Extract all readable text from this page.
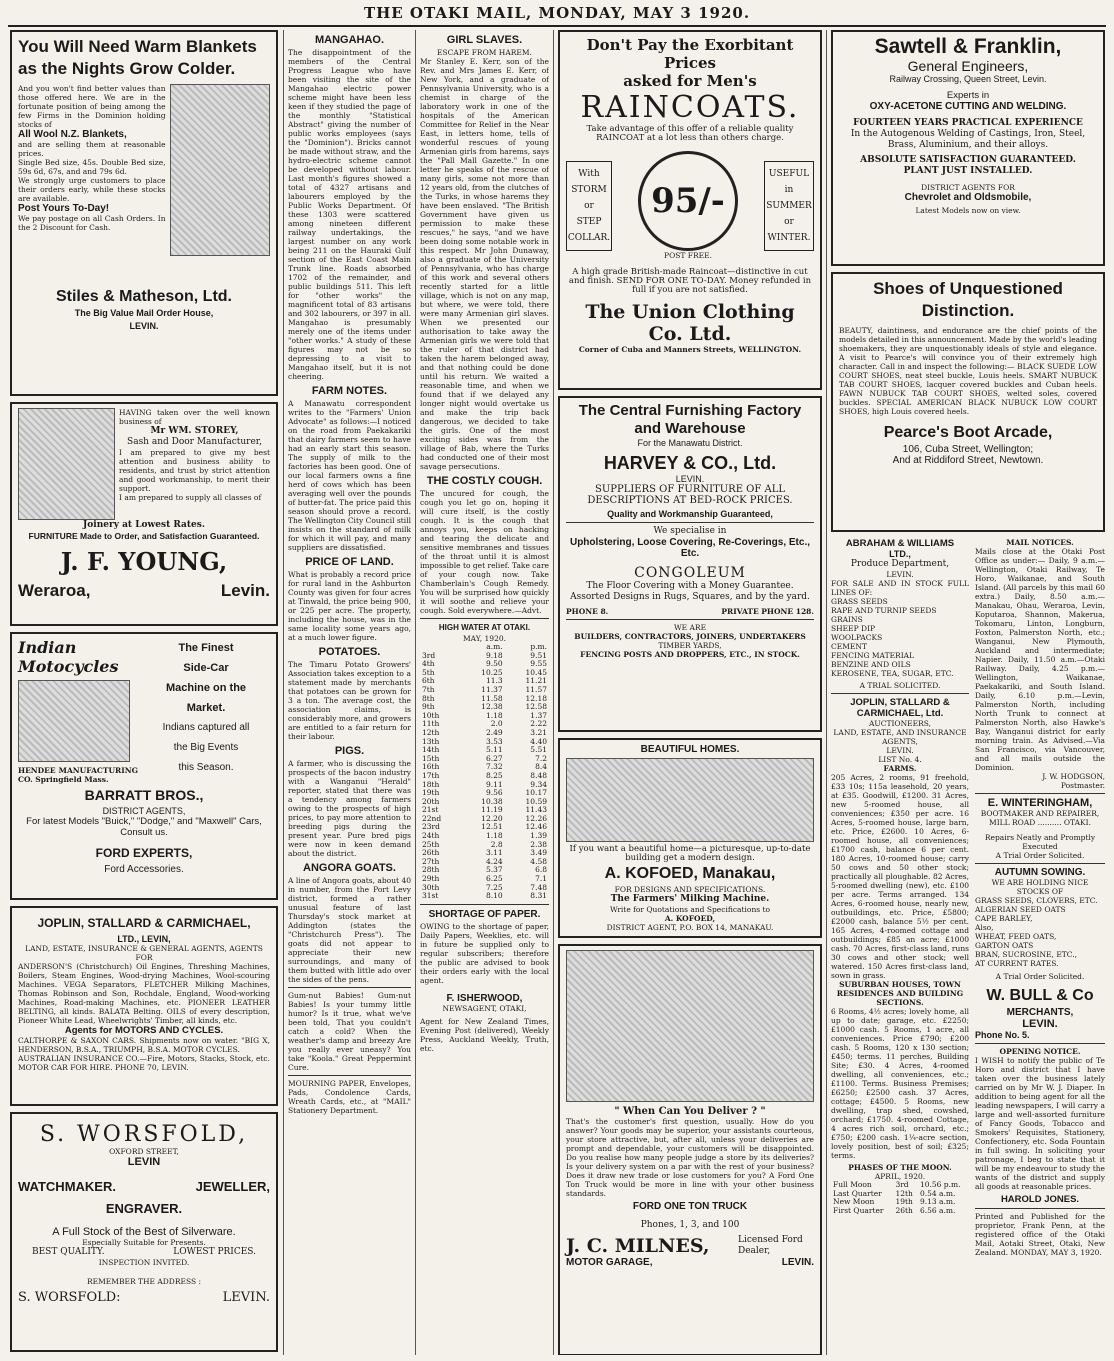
THE OTAKI MAIL, MONDAY, MAY 3 1920.
You Will Need Warm Blankets as the Nights Grow Colder.
And you won't find better values than those offered here. We are in the fortunate position of being among the few Firms in the Dominion holding stocks of
All Wool N.Z. Blankets,
and are selling them at reasonable prices.
Single Bed size, 45s. Double Bed size, 59s 6d, 67s, and and 79s 6d.
We strongly urge customers to place their orders early, while these stocks are available.
Post Yours To-Day!
We pay postage on all Cash Orders. In the 2 Discount for Cash.
Stiles & Matheson, Ltd.
The Big Value Mail Order House,
LEVIN.
HAVING taken over the well known business of
Mr WM. STOREY,
Sash and Door Manufacturer,
I am prepared to give my best attention and business ability to residents, and trust by strict attention and good workmanship, to merit their support.
I am prepared to supply all classes of
Joinery at Lowest Rates.
FURNITURE Made to Order, and Satisfaction Guaranteed.
J. F. YOUNG,
Weraroa,	Levin.
Indian Motocycles
HENDEE MANUFACTURING CO. Springfield Mass.
The Finest
Side-Car
Machine on the
Market.
Indians captured all
the Big Events
this Season.
BARRATT BROS.,
DISTRICT AGENTS,
For latest Models "Buick," "Dodge," and "Maxwell" Cars, Consult us.
FORD EXPERTS,
Ford Accessories.
JOPLIN, STALLARD & CARMICHAEL,
LTD., LEVIN,
LAND, ESTATE, INSURANCE & GENERAL AGENTS, AGENTS FOR
ANDERSON'S (Christchurch) Oil Engines, Threshing Machines, Boilers, Steam Engines, Wood-drying Machines, Wool-scouring Machines. VEGA Separators, FLETCHER Milking Machines, Thomas Robinson and Son, Rochdale, England, Wood-working Machines, Road-making Machines, etc. PIONEER LEATHER BELTING, all kinds. BALATA Belting. OILS of every description, Pioneer White Lead, Wheelwrights' Timber, all kinds, etc.
Agents for MOTORS AND CYCLES.
CALTHORPE & SAXON CARS. Shipments now on water. "BIG X, HENDERSON, B.S.A., TRIUMPH, B.S.A. MOTOR CYCLES.
AUSTRALIAN INSURANCE CO.—Fire, Motors, Stacks, Stock, etc. MOTOR CAR FOR HIRE. PHONE 70, LEVIN.
S. WORSFOLD,
OXFORD STREET,
LEVIN
WATCHMAKER.	JEWELLER,
ENGRAVER.
A Full Stock of the Best of Silverware.
Especially Suitable for Presents.
BEST QUALITY.	LOWEST PRICES.
INSPECTION INVITED.
REMEMBER THE ADDRESS :
S. WORSFOLD:	LEVIN.
MANGAHAO.
The disappointment of the members of the Central Progress League who have been visiting the site of the Mangahao electric power scheme might have been less keen if they studied the page of the monthly "Statistical Abstract" giving the number of public works employees (says the "Dominion"). Bricks cannot be made without straw, and the hydro-electric scheme cannot be developed without labour. Last month's figures showed a total of 4327 artisans and labourers employed by the Public Works Department. Of these 1303 were scattered among nineteen different railway undertakings, the largest number on any work being 211 on the Hauraki Gulf section of the East Coast Main Trunk line. Roads absorbed 1702 of the remainder, and public buildings 511. This left for "other works" the magnificent total of 83 artisans and 302 labourers, or 397 in all. Mangahao is presumably merely one of the items under "other works." A study of these figures may not be so depressing to a visit to Mangahao itself, but it is not cheering.
FARM NOTES.
A Manawatu correspondent writes to the "Farmers' Union Advocate" as follows:—I noticed on the road from Paekakariki that dairy farmers seem to have had an early start this season. The supply of milk to the factories has been good. One of our local farmers owns a fine herd of cows which has been averaging well over the pounds of butter-fat. The price paid this season should prove a record. The Wellington City Council still insists on the standard of milk for which it will pay, and many suppliers are dissatisfied.
PRICE OF LAND.
What is probably a record price for rural land in the Ashburton County was given for four acres at Tinwald, the price being 900, or 225 per acre. The property, including the house, was in the same locality some years ago, at a much lower figure.
POTATOES.
The Timaru Potato Growers' Association takes exception to a statement made by merchants that potatoes can be grown for 3 a ton. The average cost, the association claims, is considerably more, and growers are entitled to a fair return for their labour.
PIGS.
A farmer, who is discussing the prospects of the bacon industry with a Wanganui "Herald" reporter, stated that there was a tendency among farmers owing to the prospects of high prices, to pay more attention to breeding pigs during the present year. Pure bred pigs were now in keen demand about the district.
ANGORA GOATS.
A line of Angora goats, about 40 in number, from the Port Levy district, formed a rather unusual feature of last Thursday's stock market at Addington (states the "Christchurch Press"). The goats did not appear to appreciate their new surroundings, and many of them butted with little ado over the sides of the pens.
Gum-nut Babies! Gum-nut Babies! Is your tummy little humor? Is it true, what we've been told, That you couldn't catch a cold? When the weather's damp and breezy Are you really ever uneasy? You take "Koola." Great Peppermint Cure.
MOURNING PAPER, Envelopes, Pads, Condolence Cards, Wreath Cards, etc., at "MAIL" Stationery Department.
GIRL SLAVES.
ESCAPE FROM HAREM.
Mr Stanley E. Kerr, son of the Rev. and Mrs James E. Kerr, of New York, and a graduate of Pennsylvania University, who is a chemist in charge of the laboratory work in one of the hospitals of the American Committee for Relief in the Near East, in letters home, tells of wonderful rescues of young Armenian girls from harems, says the "Pall Mall Gazette." In one letter he speaks of the rescue of many girls, some not more than 12 years old, from the clutches of the Turks, in whose harems they have been enslaved. "The British Government have given us permission to make these rescues," he says, "and we have been doing some notable work in this respect. Mr John Dunaway, also a graduate of the University of Pennsylvania, who has charge of this work and several others recently started for a little village, which is not on any map, but where, we were told, there were many Armenian girl slaves. When we presented our authorisation to take away the Armenian girls we were told that the ruler of that district had taken the harem belonged away, and that nothing could be done until his return. We waited a reasonable time, and when we found that if we delayed any longer night would overtake us and make the trip back dangerous, we decided to take the girls. One of the most exciting sides was from the village of Bab, where the Turks had conducted one of their most savage persecutions.
THE COSTLY COUGH.
The uncured for cough, the cough you let go on, hoping it will cure itself, is the costly cough. It is the cough that annoys you, keeps on hacking and tearing the delicate and sensitive membranes and tissues of the throat until it is almost impossible to get relief. Take care of your cough now. Take Chamberlain's Cough Remedy. You will be surprised how quickly it will soothe and relieve your cough. Sold everywhere.—Advt.
HIGH WATER AT OTAKI.
MAY, 1920.
	a.m.	p.m.
3rd	9.18	9.51
4th	9.50	9.55
5th	10.25	10.45
6th	11.3	11.21
7th	11.37	11.57
8th	11.58	12.18
9th	12.38	12.58
10th	1.18	1.37
11th	2.0	2.22
12th	2.49	3.21
13th	3.53	4.40
14th	5.11	5.51
15th	6.27	7.2
16th	7.32	8.4
17th	8.25	8.48
18th	9.11	9.34
19th	9.56	10.17
20th	10.38	10.59
21st	11.19	11.43
22nd	12.20	12.26
23rd	12.51	12.46
24th	1.18	1.39
25th	2.8	2.38
26th	3.11	3.49
27th	4.24	4.58
28th	5.37	6.8
29th	6.25	7.1
30th	7.25	7.48
31st	8.10	8.31
SHORTAGE OF PAPER.
OWING to the shortage of paper, Daily Papers, Weeklies, etc. will in future be supplied only to regular subscribers; therefore the public are advised to book their orders early with the local agent.
F. ISHERWOOD,
NEWSAGENT, OTAKI,
Agent for New Zealand Times, Evening Post (delivered), Weekly Press, Auckland Weekly, Truth, etc.
Don't Pay the Exorbitant Prices
asked for Men's
RAINCOATS.
Take advantage of this offer of a reliable quality RAINCOAT at a lot less than others charge.
With
STORM
or
STEP
COLLAR.
95/-
POST FREE.
USEFUL
in
SUMMER
or
WINTER.
A high grade British-made Raincoat—distinctive in cut and finish. SEND FOR ONE TO-DAY. Money refunded in full if you are not satisfied.
The Union Clothing Co. Ltd.
Corner of Cuba and Manners Streets, WELLINGTON.
The Central Furnishing Factory and Warehouse
For the Manawatu District.
HARVEY & CO., Ltd.
LEVIN.
SUPPLIERS OF FURNITURE OF ALL DESCRIPTIONS AT BED-ROCK PRICES.
Quality and Workmanship Guaranteed,
We specialise in
Upholstering, Loose Covering, Re-Coverings, Etc., Etc.
CONGOLEUM
The Floor Covering with a Money Guarantee. Assorted Designs in Rugs, Squares, and by the yard.
PHONE 8.	PRIVATE PHONE 128.
WE ARE
BUILDERS, CONTRACTORS, JOINERS, UNDERTAKERS
TIMBER YARDS,
FENCING POSTS AND DROPPERS, ETC., IN STOCK.
BEAUTIFUL HOMES.
If you want a beautiful home—a picturesque, up-to-date building get a modern design.
A. KOFOED, Manakau,
FOR DESIGNS AND SPECIFICATIONS.
The Farmers' Milking Machine.
Write for Quotations and Specifications to
A. KOFOED,
DISTRICT AGENT, P.O. BOX 14, MANAKAU.
" When Can You Deliver ? "
That's the customer's first question, usually. How do you answer? Your goods may be superior, your assistants courteous, your store attractive, but, after all, unless your deliveries are prompt and dependable, your customers will be disappointed. Do you realise how many people judge a store by its deliveries? Is your delivery system on a par with the rest of your business? Does it draw new trade or lose customers for you? A Ford One Ton Truck would be more in line with your other business standards.
FORD ONE TON TRUCK
Phones, 1, 3, and 100
J. C. MILNES,	Licensed Ford Dealer,
MOTOR GARAGE,	LEVIN.
Sawtell & Franklin,
General Engineers,
Railway Crossing, Queen Street, Levin.
Experts in
OXY-ACETONE CUTTING AND WELDING.
FOURTEEN YEARS PRACTICAL EXPERIENCE
In the Autogenous Welding of Castings, Iron, Steel, Brass, Aluminium, and their alloys.
ABSOLUTE SATISFACTION GUARANTEED.
PLANT JUST INSTALLED.
DISTRICT AGENTS FOR
Chevrolet and Oldsmobile,
Latest Models now on view.
Shoes of Unquestioned Distinction.
BEAUTY, daintiness, and endurance are the chief points of the models detailed in this announcement. Made by the world's leading shoemakers, they are unquestionably ideals of style and elegance. A visit to Pearce's will convince you of their extremely high character. Call in and inspect the following:— BLACK SUEDE LOW COURT SHOES, neat steel buckle, Louis heels. SMART NUBUCK TAB COURT SHOES, lacquer covered buckles and Cuban heels. FAWN NUBUCK TAB COURT SHOES, welted soles, covered buckles. SPECIAL AMERICAN BLACK NUBUCK LOW COURT SHOES, high Louis covered heels.
Pearce's Boot Arcade,
106, Cuba Street, Wellington;
And at Riddiford Street, Newtown.
ABRAHAM & WILLIAMS
LTD.,
Produce Department,
LEVIN.
FOR SALE AND IN STOCK FULL LINES OF:
GRASS SEEDS
RAPE AND TURNIP SEEDS
GRAINS
SHEEP DIP
WOOLPACKS
CEMENT
FENCING MATERIAL
BENZINE AND OILS
KEROSENE, TEA, SUGAR, ETC.
A TRIAL SOLICITED.
JOPLIN, STALLARD & CARMICHAEL, Ltd.
AUCTIONEERS,
LAND, ESTATE, AND INSURANCE AGENTS,
LEVIN.
LIST No. 4.
FARMS.
205 Acres, 2 rooms, 91 freehold, £33 10s; 115a leasehold, 20 years, at £35. Goodwill, £1200. 31 Acres, new 5-roomed house, all conveniences; £350 per acre. 16 Acres, 5-roomed house, large barn, etc. Price, £2600. 10 Acres, 6-roomed house, all conveniences; £1700 cash, balance 6 per cent. 180 Acres, 10-roomed house; carry 50 cows and 50 other stock; practically all ploughable. 82 Acres, 5-roomed dwelling (new), etc. £100 per acre. Terms arranged. 134 Acres, 6-roomed house, nearly new, outbuildings, etc. Price, £5800; £2000 cash, balance 5½ per cent. 165 Acres, 4-roomed cottage and outbuildings; £85 an acre; £1000 cash. 70 Acres, first-class land, runs 30 cows and other stock; well watered. 150 Acres first-class land, sown in grass.
SUBURBAN HOUSES, TOWN RESIDENCES AND BUILDING SECTIONS.
6 Rooms, 4½ acres; lovely home, all up to date; garage, etc. £2250; £1000 cash. 5 Rooms, 1 acre, all conveniences. Price £790; £200 cash. 5 Rooms, 120 x 130 section; £450; terms. 11 perches, Building Site; £30. 4 Acres, 4-roomed dwelling, all conveniences, etc.; £1100. Terms. Business Premises; £6250; £2500 cash. 37 Acres, cottage; £4500. 5 Rooms, new dwelling, trap shed, cowshed, orchard; £1750. 4-roomed Cottage, 4 acres rich soil, orchard, etc.; £750; £200 cash. 1¼-acre section, lovely position, best of soil; £325; terms.
PHASES OF THE MOON.
APRIL, 1920.
Full Moon	3rd	10.56 p.m.
Last Quarter	12th	0.54 a.m.
New Moon	19th	9.13 a.m.
First Quarter	26th	6.56 a.m.
MAIL NOTICES.
Mails close at the Otaki Post Office as under:— Daily, 9 a.m.—Wellington, Otaki Railway, Te Horo, Waikanae, and South Island. (All parcels by this mail 60 extra.) Daily, 8.50 a.m.—Manakau, Ohau, Weraroa, Levin, Koputaroa, Shannon, Makerua, Tokomaru, Linton, Longburn, Foxton, Palmerston North, etc.; Wanganui, New Plymouth, Auckland and intermediate; Napier. Daily, 11.50 a.m.—Otaki Railway. Daily, 4.25 p.m.—Wellington, Waikanae, Paekakariki, and South Island. Daily, 6.10 p.m.—Levin, Palmerston North, including North Trunk to connect at Palmerston North, also Hawke's Bay, Wanganui district for early morning train. As Advised.—Via San Francisco, via Vancouver, and all mails outside the Dominion.
J. W. HODGSON,
Postmaster.
E. WINTERINGHAM,
BOOTMAKER AND REPAIRER,
MILL ROAD .......... OTAKI.
Repairs Neatly and Promptly Executed
A Trial Order Solicited.
AUTUMN SOWING.
WE ARE HOLDING NICE STOCKS OF
GRASS SEEDS, CLOVERS, ETC.
ALGERIAN SEED OATS
CAPE BARLEY,
Also,
WHEAT, FEED OATS,
GARTON OATS
BRAN, SUCROSINE, ETC.,
AT CURRENT RATES.
A Trial Order Solicited.
W. BULL & Co
MERCHANTS,
LEVIN.
Phone No. 5.
OPENING NOTICE.
I WISH to notify the public of Te Horo and district that I have taken over the business lately carried on by Mr W. J. Diaper. In addition to being agent for all the leading newspapers, I will carry a large and well-assorted furniture of Fancy Goods, Tobacco and Smokers' Requisites, Stationery, Confectionery, etc. Soda Fountain in full swing. In soliciting your patronage, I beg to state that it will be my endeavour to study the wants of the district and supply all goods at reasonable prices.
HAROLD JONES.
Printed and Published for the proprietor, Frank Penn, at the registered office of the Otaki Mail, Aotaki Street, Otaki, New Zealand. MONDAY, MAY 3, 1920.
